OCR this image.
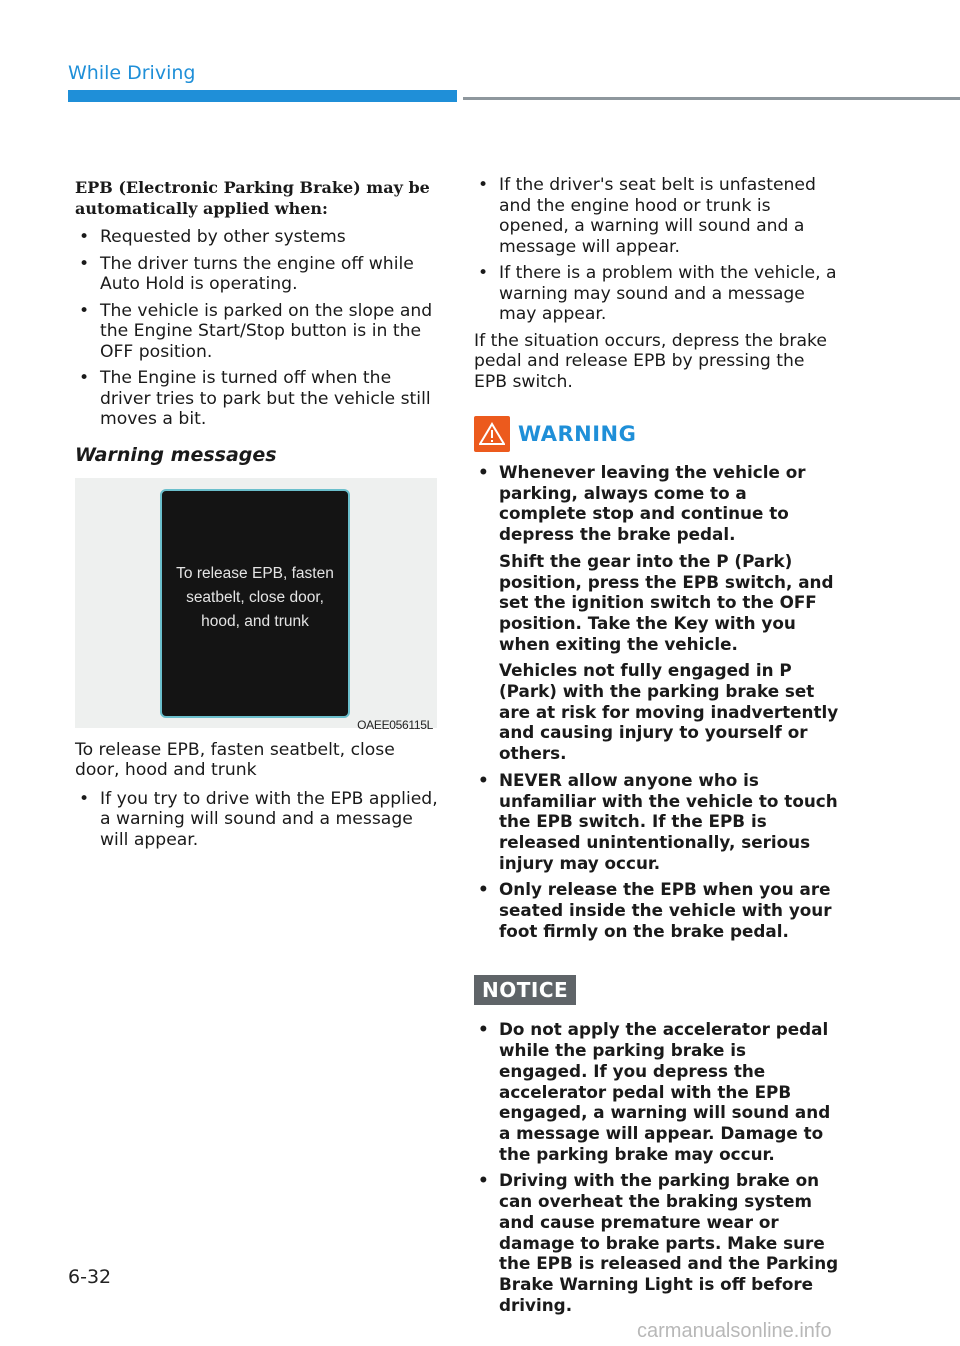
While Driving

EPB (Electronic Parking Brake) may be automatically applied when:

• Requested by other systems
• The driver turns the engine off while Auto Hold is operating.
• The vehicle is parked on the slope and the Engine Start/Stop button is in the OFF position.
• The Engine is turned off when the driver tries to park but the vehicle still moves a bit.
Warning messages
To release EPB, fasten seatbelt, close door, hood, and trunk
OAEE056115L

To release EPB, fasten seatbelt, close door, hood and trunk

• If you try to drive with the EPB applied, a warning will sound and a message will appear.
• If the driver's seat belt is unfastened and the engine hood or trunk is opened, a warning will sound and a message will appear.
• If there is a problem with the vehicle, a warning may sound and a message may appear.

If the situation occurs, depress the brake pedal and release EPB by pressing the EPB switch.

WARNING
• Whenever leaving the vehicle or parking, always come to a complete stop and continue to depress the brake pedal.
Shift the gear into the P (Park) position, press the EPB switch, and set the ignition switch to the OFF position. Take the Key with you when exiting the vehicle.
Vehicles not fully engaged in P (Park) with the parking brake set are at risk for moving inadvertently and causing injury to yourself or others.
• NEVER allow anyone who is unfamiliar with the vehicle to touch the EPB switch. If the EPB is released unintentionally, serious injury may occur.
• Only release the EPB when you are seated inside the vehicle with your foot firmly on the brake pedal.
NOTICE
• Do not apply the accelerator pedal while the parking brake is engaged. If you depress the accelerator pedal with the EPB engaged, a warning will sound and a message will appear. Damage to the parking brake may occur.
• Driving with the parking brake on can overheat the braking system and cause premature wear or damage to brake parts. Make sure the EPB is released and the Parking Brake Warning Light is off before driving.
6-32
carmanualsonline.info
